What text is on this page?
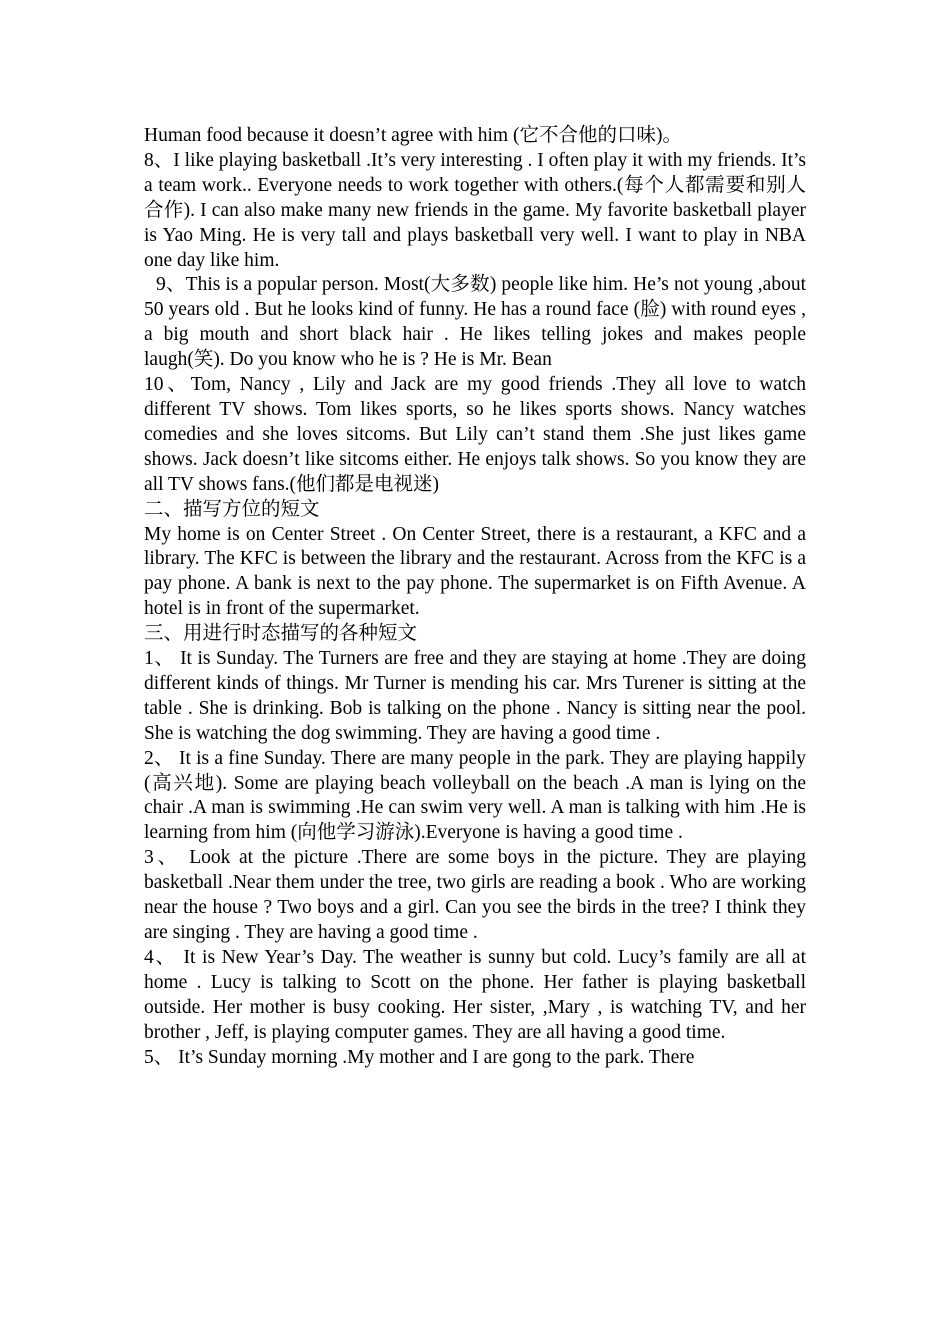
Human food because it doesn’t agree with him (它不合他的口味)。

8、I like playing basketball .It’s very interesting . I often play it with my friends. It’s a team work.. Everyone needs to work together with others.(每个人都需要和别人合作). I can also make many new friends in the game. My favorite basketball player is Yao Ming. He is very tall and plays basketball very well. I want to play in NBA one day like him.

9、This is a popular person. Most(大多数) people like him. He’s not young ,about 50 years old . But he looks kind of funny. He has a round face (脸) with round eyes , a big mouth and short black hair . He likes telling jokes and makes people laugh(笑). Do you know who he is ? He is Mr. Bean

10、Tom, Nancy , Lily and Jack are my good friends .They all love to watch different TV shows. Tom likes sports, so he likes sports shows. Nancy watches comedies and she loves sitcoms. But Lily can’t stand them .She just likes game shows. Jack doesn’t like sitcoms either. He enjoys talk shows. So you know they are all TV shows fans.(他们都是电视迷)

二、描写方位的短文

My home is on Center Street . On Center Street, there is a restaurant, a KFC and a library. The KFC is between the library and the restaurant. Across from the KFC is a pay phone. A bank is next to the pay phone. The supermarket is on Fifth Avenue. A hotel is in front of the supermarket.

三、用进行时态描写的各种短文

1、 It is Sunday. The Turners are free and they are staying at home .They are doing different kinds of things. Mr Turner is mending his car. Mrs Turener is sitting at the table . She is drinking. Bob is talking on the phone . Nancy is sitting near the pool. She is watching the dog swimming. They are having a good time .

2、 It is a fine Sunday. There are many people in the park. They are playing happily (高兴地). Some are playing beach volleyball on the beach .A man is lying on the chair .A man is swimming .He can swim very well. A man is talking with him .He is learning from him (向他学习游泳).Everyone is having a good time .

3、 Look at the picture .There are some boys in the picture. They are playing basketball .Near them under the tree, two girls are reading a book . Who are working near the house ? Two boys and a girl. Can you see the birds in the tree? I think they are singing . They are having a good time .

4、 It is New Year’s Day. The weather is sunny but cold. Lucy’s family are all at home . Lucy is talking to Scott on the phone. Her father is playing basketball outside. Her mother is busy cooking. Her sister, ,Mary , is watching TV, and her brother , Jeff, is playing computer games. They are all having a good time.

5、 It’s Sunday morning .My mother and I are gong to the park. There
